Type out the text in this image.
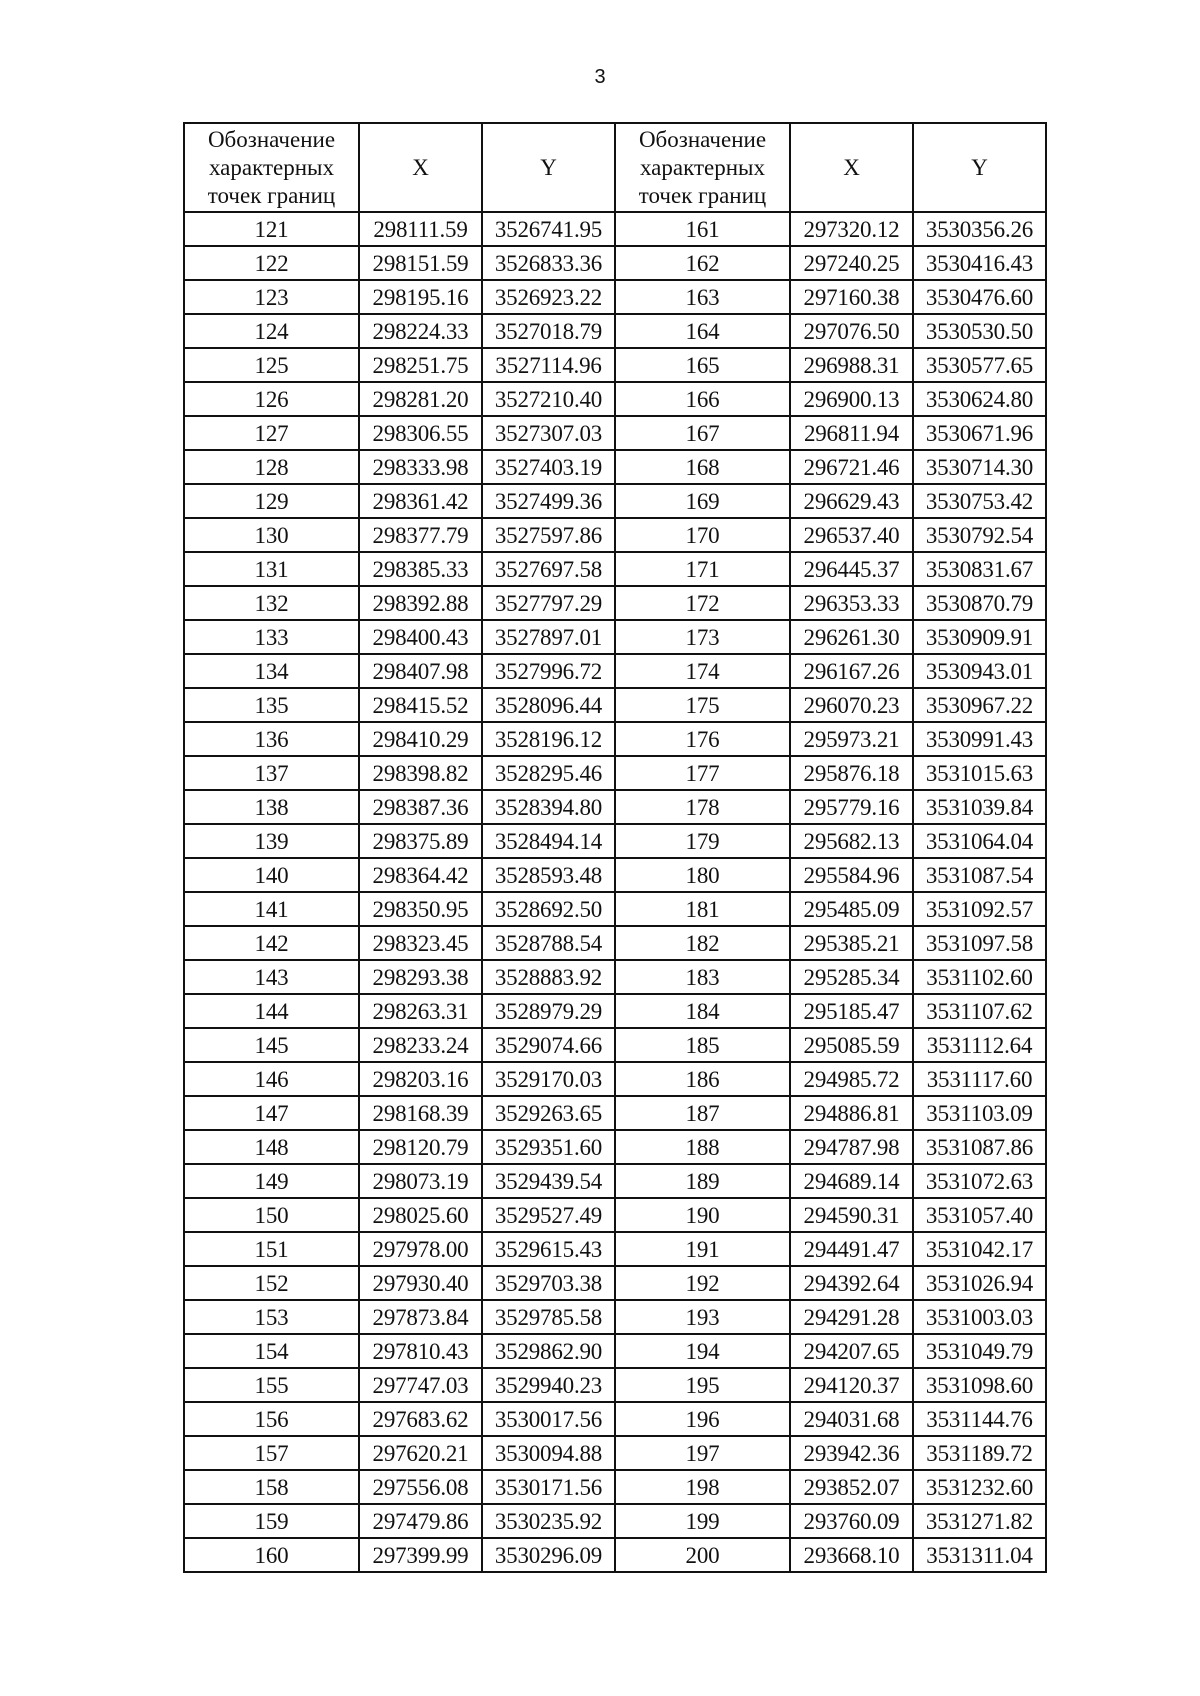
3
Обозначение характерных точек границ	X	Y	Обозначение характерных точек границ	X	Y
121	298111.59	3526741.95	161	297320.12	3530356.26
122	298151.59	3526833.36	162	297240.25	3530416.43
123	298195.16	3526923.22	163	297160.38	3530476.60
124	298224.33	3527018.79	164	297076.50	3530530.50
125	298251.75	3527114.96	165	296988.31	3530577.65
126	298281.20	3527210.40	166	296900.13	3530624.80
127	298306.55	3527307.03	167	296811.94	3530671.96
128	298333.98	3527403.19	168	296721.46	3530714.30
129	298361.42	3527499.36	169	296629.43	3530753.42
130	298377.79	3527597.86	170	296537.40	3530792.54
131	298385.33	3527697.58	171	296445.37	3530831.67
132	298392.88	3527797.29	172	296353.33	3530870.79
133	298400.43	3527897.01	173	296261.30	3530909.91
134	298407.98	3527996.72	174	296167.26	3530943.01
135	298415.52	3528096.44	175	296070.23	3530967.22
136	298410.29	3528196.12	176	295973.21	3530991.43
137	298398.82	3528295.46	177	295876.18	3531015.63
138	298387.36	3528394.80	178	295779.16	3531039.84
139	298375.89	3528494.14	179	295682.13	3531064.04
140	298364.42	3528593.48	180	295584.96	3531087.54
141	298350.95	3528692.50	181	295485.09	3531092.57
142	298323.45	3528788.54	182	295385.21	3531097.58
143	298293.38	3528883.92	183	295285.34	3531102.60
144	298263.31	3528979.29	184	295185.47	3531107.62
145	298233.24	3529074.66	185	295085.59	3531112.64
146	298203.16	3529170.03	186	294985.72	3531117.60
147	298168.39	3529263.65	187	294886.81	3531103.09
148	298120.79	3529351.60	188	294787.98	3531087.86
149	298073.19	3529439.54	189	294689.14	3531072.63
150	298025.60	3529527.49	190	294590.31	3531057.40
151	297978.00	3529615.43	191	294491.47	3531042.17
152	297930.40	3529703.38	192	294392.64	3531026.94
153	297873.84	3529785.58	193	294291.28	3531003.03
154	297810.43	3529862.90	194	294207.65	3531049.79
155	297747.03	3529940.23	195	294120.37	3531098.60
156	297683.62	3530017.56	196	294031.68	3531144.76
157	297620.21	3530094.88	197	293942.36	3531189.72
158	297556.08	3530171.56	198	293852.07	3531232.60
159	297479.86	3530235.92	199	293760.09	3531271.82
160	297399.99	3530296.09	200	293668.10	3531311.04
